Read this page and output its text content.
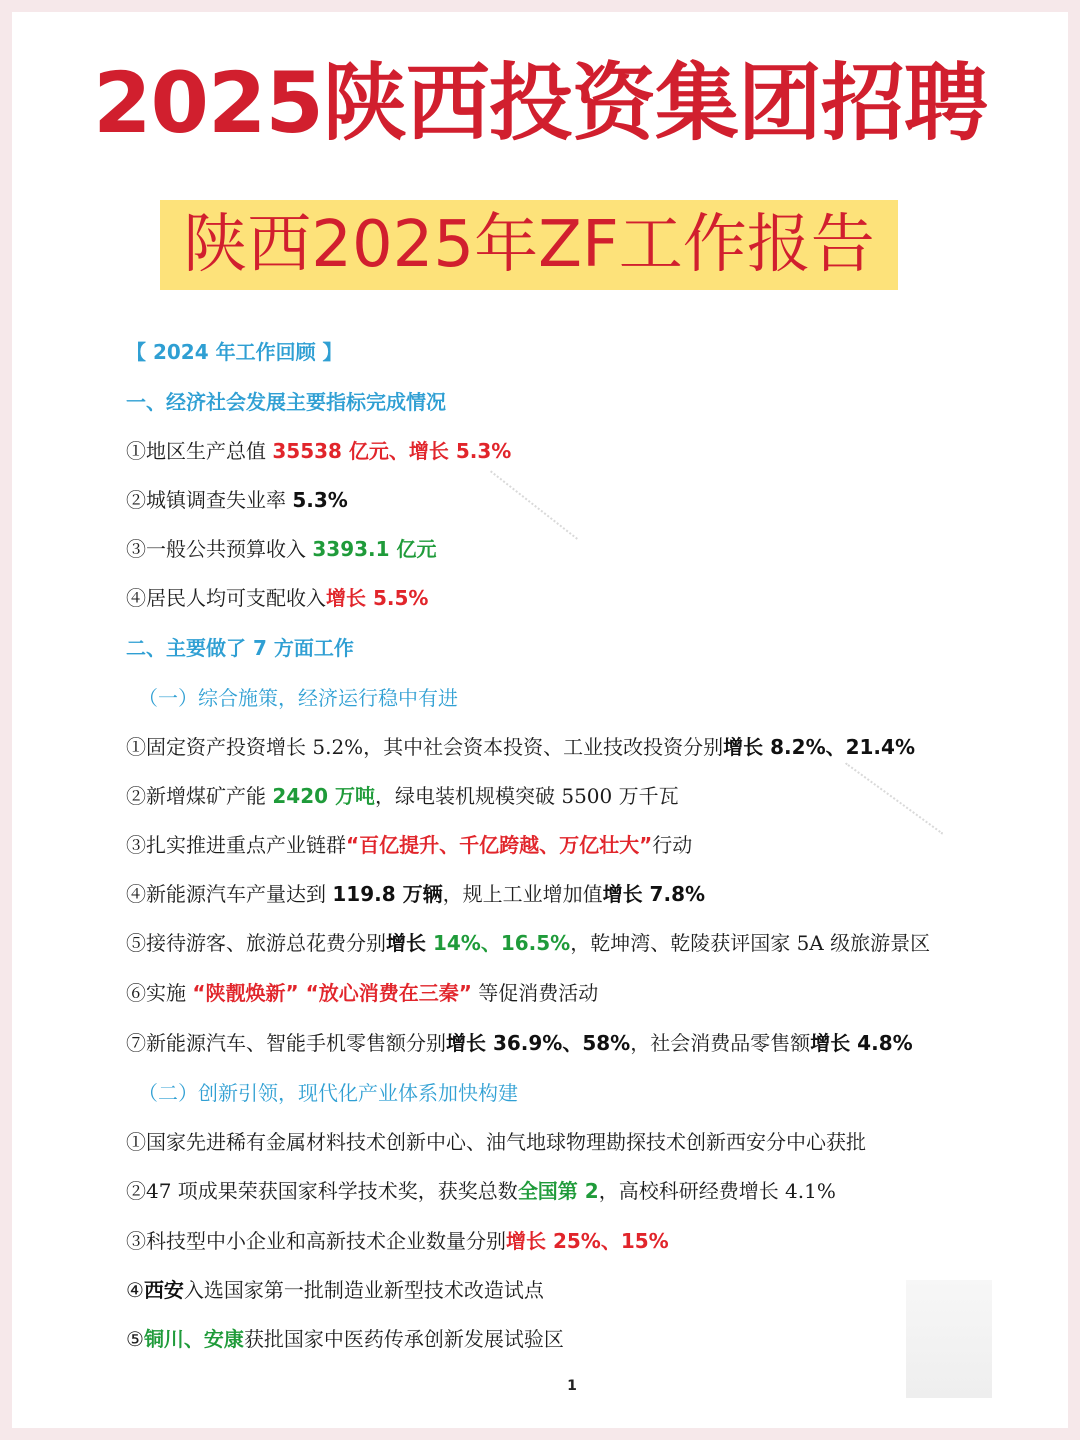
2025陕西投资集团招聘
陕西2025年ZF工作报告
【 2024 年工作回顾 】
一、经济社会发展主要指标完成情况
①地区生产总值 35538 亿元、增长 5.3%
②城镇调查失业率 5.3%
③一般公共预算收入 3393.1 亿元
④居民人均可支配收入增长 5.5%
二、主要做了 7 方面工作
（一）综合施策，经济运行稳中有进
①固定资产投资增长 5.2%，其中社会资本投资、工业技改投资分别增长 8.2%、21.4%
②新增煤矿产能 2420 万吨，绿电装机规模突破 5500 万千瓦
③扎实推进重点产业链群“百亿提升、千亿跨越、万亿壮大”行动
④新能源汽车产量达到 119.8 万辆，规上工业增加值增长 7.8%
⑤接待游客、旅游总花费分别增长 14%、16.5%，乾坤湾、乾陵获评国家 5A 级旅游景区
⑥实施 “陕靓焕新” “放心消费在三秦” 等促消费活动
⑦新能源汽车、智能手机零售额分别增长 36.9%、58%，社会消费品零售额增长 4.8%
（二）创新引领，现代化产业体系加快构建
①国家先进稀有金属材料技术创新中心、油气地球物理勘探技术创新西安分中心获批
②47 项成果荣获国家科学技术奖，获奖总数全国第 2，高校科研经费增长 4.1%
③科技型中小企业和高新技术企业数量分别增长 25%、15%
④西安入选国家第一批制造业新型技术改造试点
⑤铜川、安康获批国家中医药传承创新发展试验区
1
